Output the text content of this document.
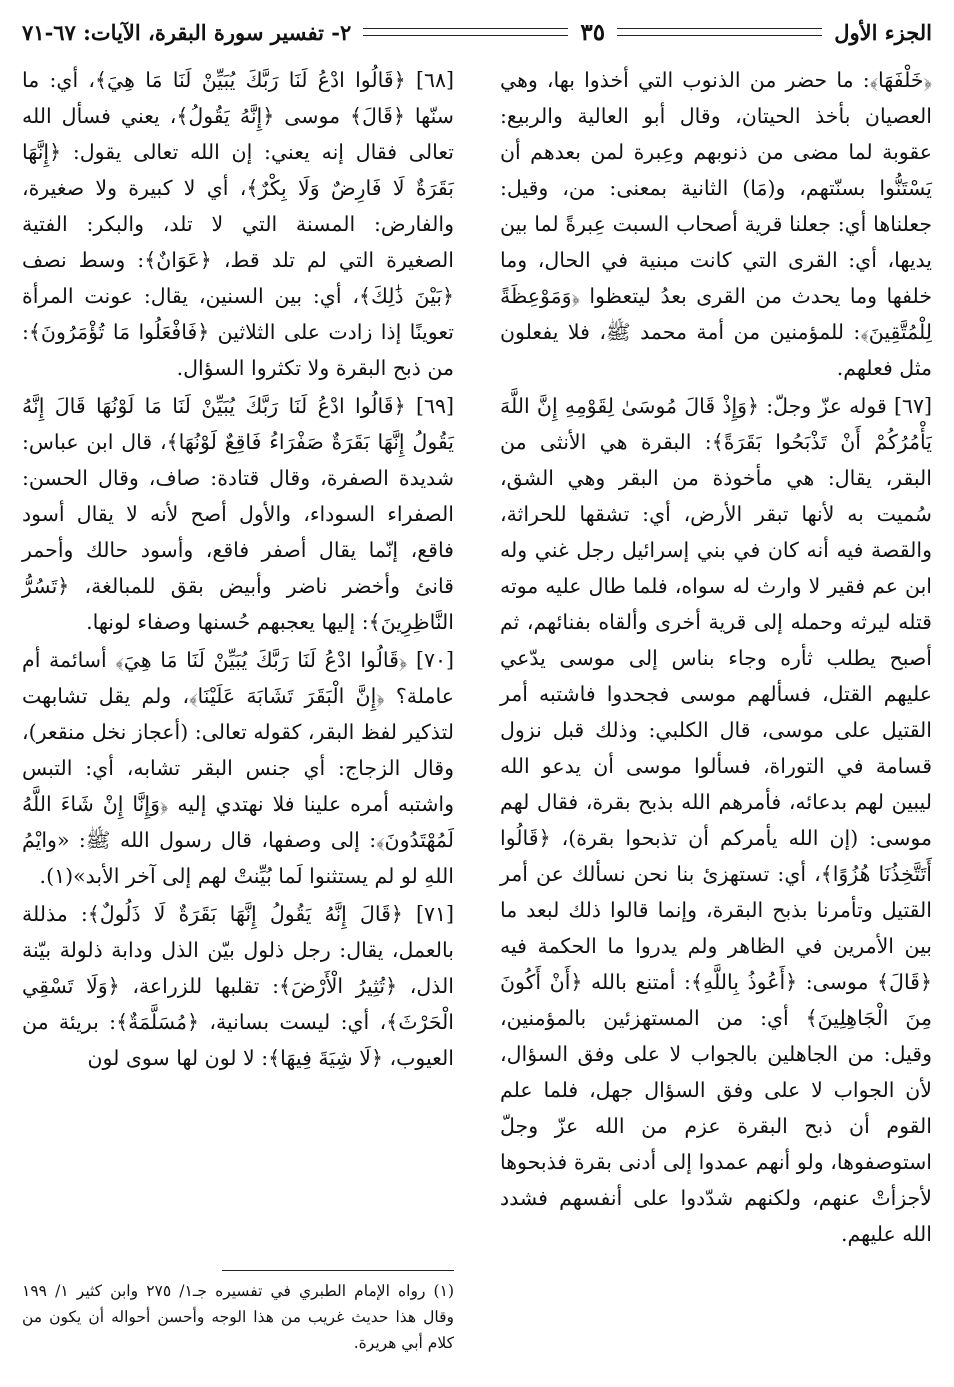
الجزء الأول
٣٥
٢- تفسير سورة البقرة، الآيات: ٦٧-٧١

﴿خَلْفَهَا﴾: ما حضر من الذنوب التي أخذوا بها، وهي العصيان بأخذ الحيتان، وقال أبو العالية والربيع: عقوبة لما مضى من ذنوبهم وعِبرة لمن بعدهم أن يَسْتَنُّوا بسنّتهم، و(مَا) الثانية بمعنى: من، وقيل: جعلناها أي: جعلنا قرية أصحاب السبت عِبرةً لما بين يديها، أي: القرى التي كانت مبنية في الحال، وما خلفها وما يحدث من القرى بعدُ ليتعظوا ﴿وَمَوْعِظَةً لِلْمُتَّقِينَ﴾: للمؤمنين من أمة محمد ﷺ، فلا يفعلون مثل فعلهم.

[٦٧] قوله عزّ وجلّ: ﴿وَإِذْ قَالَ مُوسَىٰ لِقَوْمِهِ إِنَّ اللَّهَ يَأْمُرُكُمْ أَنْ تَذْبَحُوا بَقَرَةً﴾: البقرة هي الأنثى من البقر، يقال: هي مأخوذة من البقر وهي الشق، سُميت به لأنها تبقر الأرض، أي: تشقها للحراثة، والقصة فيه أنه كان في بني إسرائيل رجل غني وله ابن عم فقير لا وارث له سواه، فلما طال عليه موته قتله ليرثه وحمله إلى قرية أخرى وألقاه بفنائهم، ثم أصبح يطلب ثأره وجاء بناس إلى موسى يدّعي عليهم القتل، فسألهم موسى فجحدوا فاشتبه أمر القتيل على موسى، قال الكلبي: وذلك قبل نزول قسامة في التوراة، فسألوا موسى أن يدعو الله ليبين لهم بدعائه، فأمرهم الله بذبح بقرة، فقال لهم موسى: (إن الله يأمركم أن تذبحوا بقرة)، ﴿قَالُوا أَتَتَّخِذُنَا هُزُوًا﴾، أي: تستهزئ بنا نحن نسألك عن أمر القتيل وتأمرنا بذبح البقرة، وإنما قالوا ذلك لبعد ما بين الأمرين في الظاهر ولم يدروا ما الحكمة فيه ﴿قَالَ﴾ موسى: ﴿أَعُوذُ بِاللَّهِ﴾: أمتنع بالله ﴿أَنْ أَكُونَ مِنَ الْجَاهِلِينَ﴾ أي: من المستهزئين بالمؤمنين، وقيل: من الجاهلين بالجواب لا على وفق السؤال، لأن الجواب لا على وفق السؤال جهل، فلما علم القوم أن ذبح البقرة عزم من الله عزّ وجلّ استوصفوها، ولو أنهم عمدوا إلى أدنى بقرة فذبحوها لأجزأتْ عنهم، ولكنهم شدّدوا على أنفسهم فشدد الله عليهم.

[٦٨] ﴿قَالُوا ادْعُ لَنَا رَبَّكَ يُبَيِّنْ لَنَا مَا هِيَ﴾، أي: ما سنّها ﴿قَالَ﴾ موسى ﴿إِنَّهُ يَقُولُ﴾، يعني فسأل الله تعالى فقال إنه يعني: إن الله تعالى يقول: ﴿إِنَّهَا بَقَرَةٌ لَا فَارِضٌ وَلَا بِكْرٌ﴾، أي لا كبيرة ولا صغيرة، والفارض: المسنة التي لا تلد، والبكر: الفتية الصغيرة التي لم تلد قط، ﴿عَوَانٌ﴾: وسط نصف ﴿بَيْنَ ذَٰلِكَ﴾، أي: بين السنين، يقال: عونت المرأة تعوينًا إذا زادت على الثلاثين ﴿فَافْعَلُوا مَا تُؤْمَرُونَ﴾: من ذبح البقرة ولا تكثروا السؤال.

[٦٩] ﴿قَالُوا ادْعُ لَنَا رَبَّكَ يُبَيِّنْ لَنَا مَا لَوْنُهَا قَالَ إِنَّهُ يَقُولُ إِنَّهَا بَقَرَةٌ صَفْرَاءُ فَاقِعٌ لَوْنُهَا﴾، قال ابن عباس: شديدة الصفرة، وقال قتادة: صاف، وقال الحسن: الصفراء السوداء، والأول أصح لأنه لا يقال أسود فاقع، إنّما يقال أصفر فاقع، وأسود حالك وأحمر قانئ وأخضر ناضر وأبيض بقق للمبالغة، ﴿تَسُرُّ النَّاظِرِينَ﴾: إليها يعجبهم حُسنها وصفاء لونها.

[٧٠] ﴿قَالُوا ادْعُ لَنَا رَبَّكَ يُبَيِّنْ لَنَا مَا هِيَ﴾ أسائمة أم عاملة؟ ﴿إِنَّ الْبَقَرَ تَشَابَهَ عَلَيْنَا﴾، ولم يقل تشابهت لتذكير لفظ البقر، كقوله تعالى: (أعجاز نخل منقعر)، وقال الزجاج: أي جنس البقر تشابه، أي: التبس واشتبه أمره علينا فلا نهتدي إليه ﴿وَإِنَّا إِنْ شَاءَ اللَّهُ لَمُهْتَدُونَ﴾: إلى وصفها، قال رسول الله ﷺ: «وايْمُ اللهِ لو لم يستثنوا لَما بُيِّنتْ لهم إلى آخر الأبد»(١).

[٧١] ﴿قَالَ إِنَّهُ يَقُولُ إِنَّهَا بَقَرَةٌ لَا ذَلُولٌ﴾: مذللة بالعمل، يقال: رجل ذلول بيّن الذل ودابة ذلولة بيّنة الذل، ﴿تُثِيرُ الْأَرْضَ﴾: تقلبها للزراعة، ﴿وَلَا تَسْقِي الْحَرْثَ﴾، أي: ليست بسانية، ﴿مُسَلَّمَةٌ﴾: بريئة من العيوب، ﴿لَا شِيَةَ فِيهَا﴾: لا لون لها سوى لون

(١) رواه الإمام الطبري في تفسيره جـ١/ ٢٧٥ وابن كثير ١/ ١٩٩ وقال هذا حديث غريب من هذا الوجه وأحسن أحواله أن يكون من كلام أبي هريرة.
